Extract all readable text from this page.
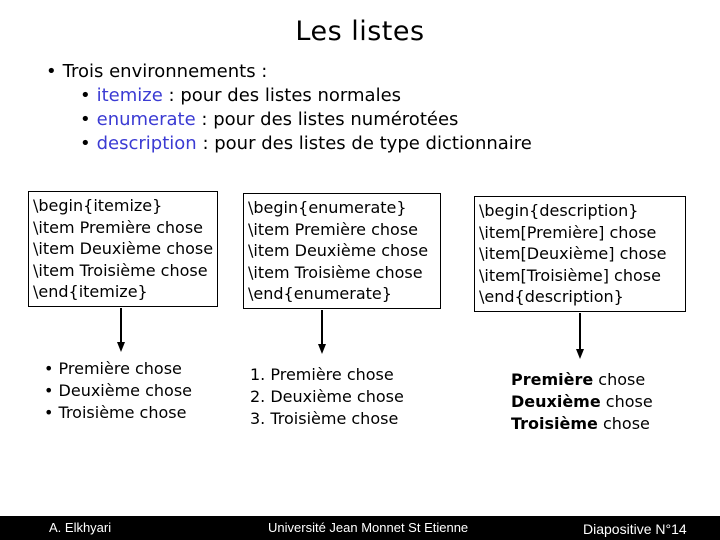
Les listes
• Trois environnements :
• itemize : pour des listes normales
• enumerate : pour des listes numérotées
• description : pour des listes de type dictionnaire
\begin{itemize}
\item Première chose
\item Deuxième chose
\item Troisième chose
\end{itemize}
\begin{enumerate}
\item Première chose
\item Deuxième chose
\item Troisième chose
\end{enumerate}
\begin{description}
\item[Première] chose
\item[Deuxième] chose
\item[Troisième] chose
\end{description}
• Première chose
• Deuxième chose
• Troisième chose
1. Première chose
2. Deuxième chose
3. Troisième chose
Première chose
Deuxième chose
Troisième chose
A. Elkhyari	Université Jean Monnet St Etienne	Diapositive N°14
